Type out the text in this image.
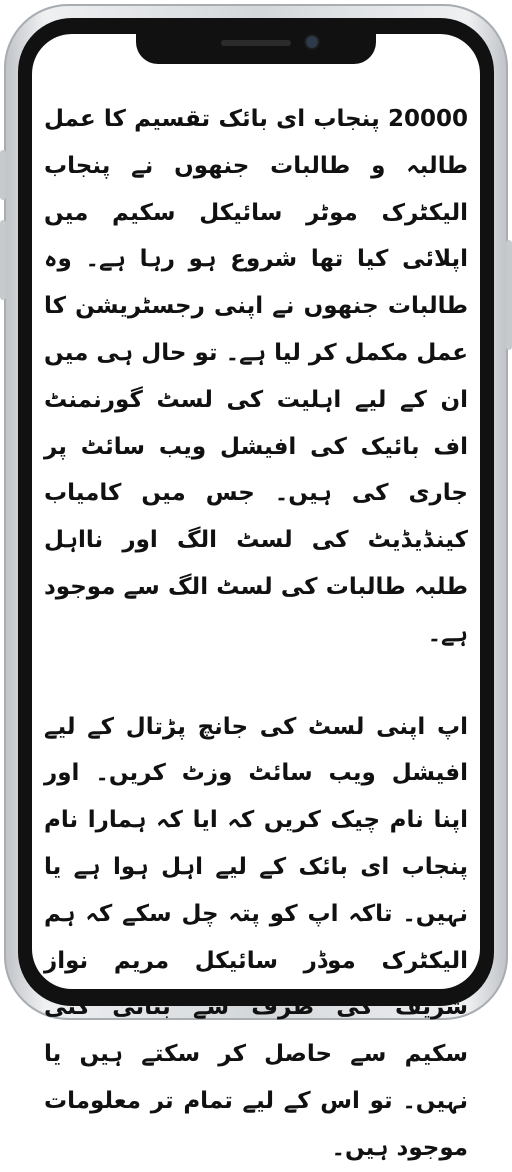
20000 پنجاب ای بائک تقسیم کا عمل طالبہ و طالبات جنھوں نے پنجاب الیکٹرک موٹر سائیکل سکیم میں اپلائی کیا تھا شروع ہو رہا ہے۔ وہ طالبات جنھوں نے اپنی رجسٹریشن کا عمل مکمل کر لیا ہے۔ تو حال ہی میں ان کے لیے اہلیت کی لسٹ گورنمنٹ اف بائیک کی افیشل ویب سائٹ پر جاری کی ہیں۔ جس میں کامیاب کینڈیڈیٹ کی لسٹ الگ اور نااہل طلبہ طالبات کی لسٹ الگ سے موجود ہے۔

اپ اپنی لسٹ کی جانچ پڑتال کے لیے افیشل ویب سائٹ وزٹ کریں۔ اور اپنا نام چیک کریں کہ ایا کہ ہمارا نام پنجاب ای بائک کے لیے اہل ہوا ہے یا نہیں۔ تاکہ اپ کو پتہ چل سکے کہ ہم الیکٹرک موڈر سائیکل مریم نواز شریف کی طرف سے بنائی گئی سکیم سے حاصل کر سکتے ہیں یا نہیں۔ تو اس کے لیے تمام تر معلومات موجود ہیں۔
